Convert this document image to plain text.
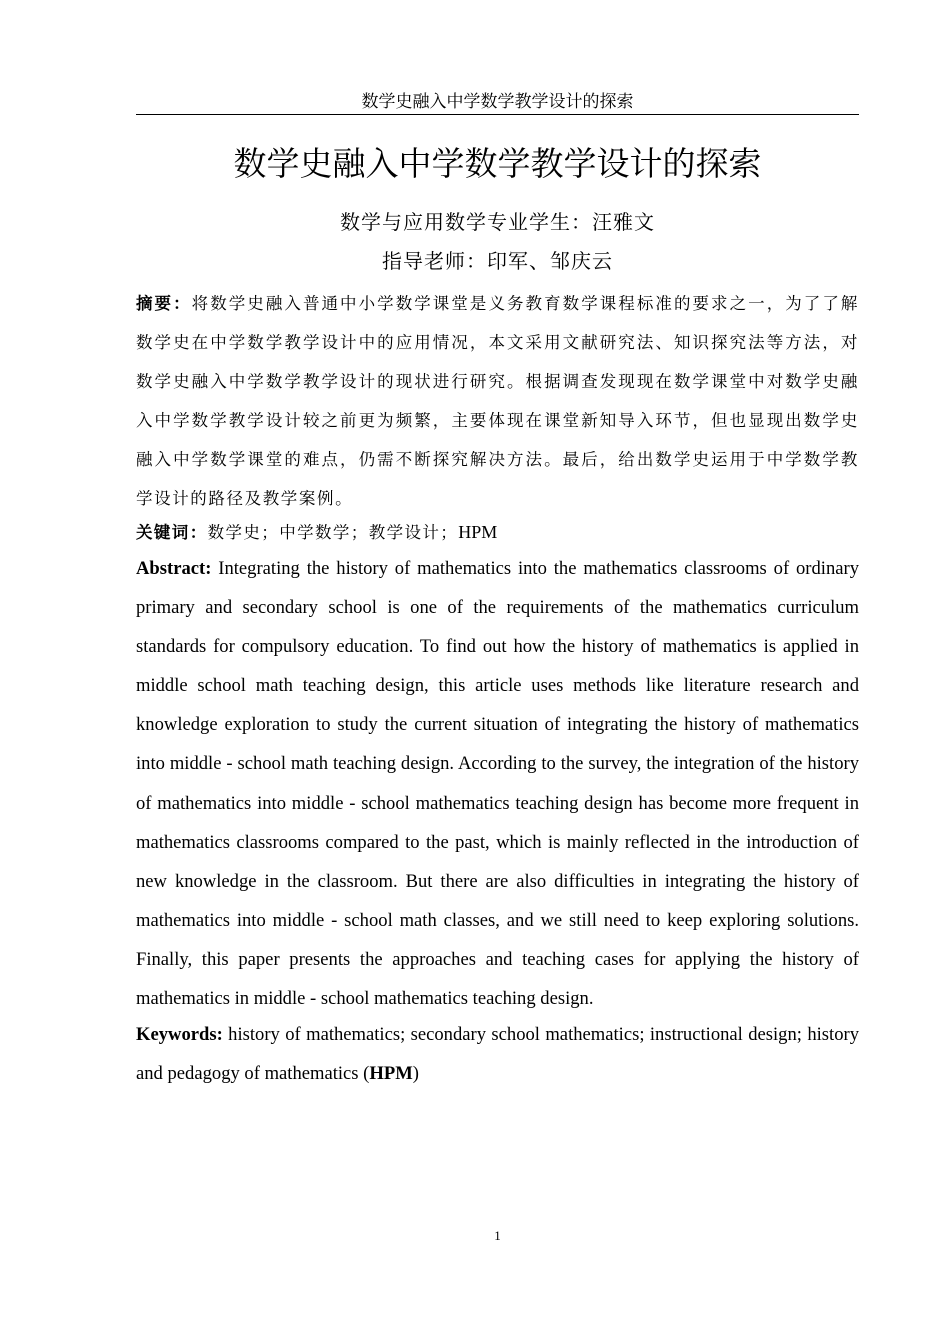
数学史融入中学数学教学设计的探索
数学史融入中学数学教学设计的探索
数学与应用数学专业学生：汪雅文
指导老师：印军、邹庆云

摘要：将数学史融入普通中小学数学课堂是义务教育数学课程标准的要求之一，为了了解数学史在中学数学教学设计中的应用情况，本文采用文献研究法、知识探究法等方法，对数学史融入中学数学教学设计的现状进行研究。根据调查发现现在数学课堂中对数学史融入中学数学教学设计较之前更为频繁，主要体现在课堂新知导入环节，但也显现出数学史融入中学数学课堂的难点，仍需不断探究解决方法。最后，给出数学史运用于中学数学教学设计的路径及教学案例。

关键词：数学史；中学数学；教学设计；HPM

Abstract: Integrating the history of mathematics into the mathematics classrooms of ordinary primary and secondary school is one of the requirements of the mathematics curriculum standards for compulsory education. To find out how the history of mathematics is applied in middle school math teaching design, this article uses methods like literature research and knowledge exploration to study the current situation of integrating the history of mathematics into middle - school math teaching design. According to the survey, the integration of the history of mathematics into middle - school mathematics teaching design has become more frequent in mathematics classrooms compared to the past, which is mainly reflected in the introduction of new knowledge in the classroom. But there are also difficulties in integrating the history of mathematics into middle - school math classes, and we still need to keep exploring solutions. Finally, this paper presents the approaches and teaching cases for applying the history of mathematics in middle - school mathematics teaching design.

Keywords: history of mathematics; secondary school mathematics; instructional design; history and pedagogy of mathematics (HPM)

1
